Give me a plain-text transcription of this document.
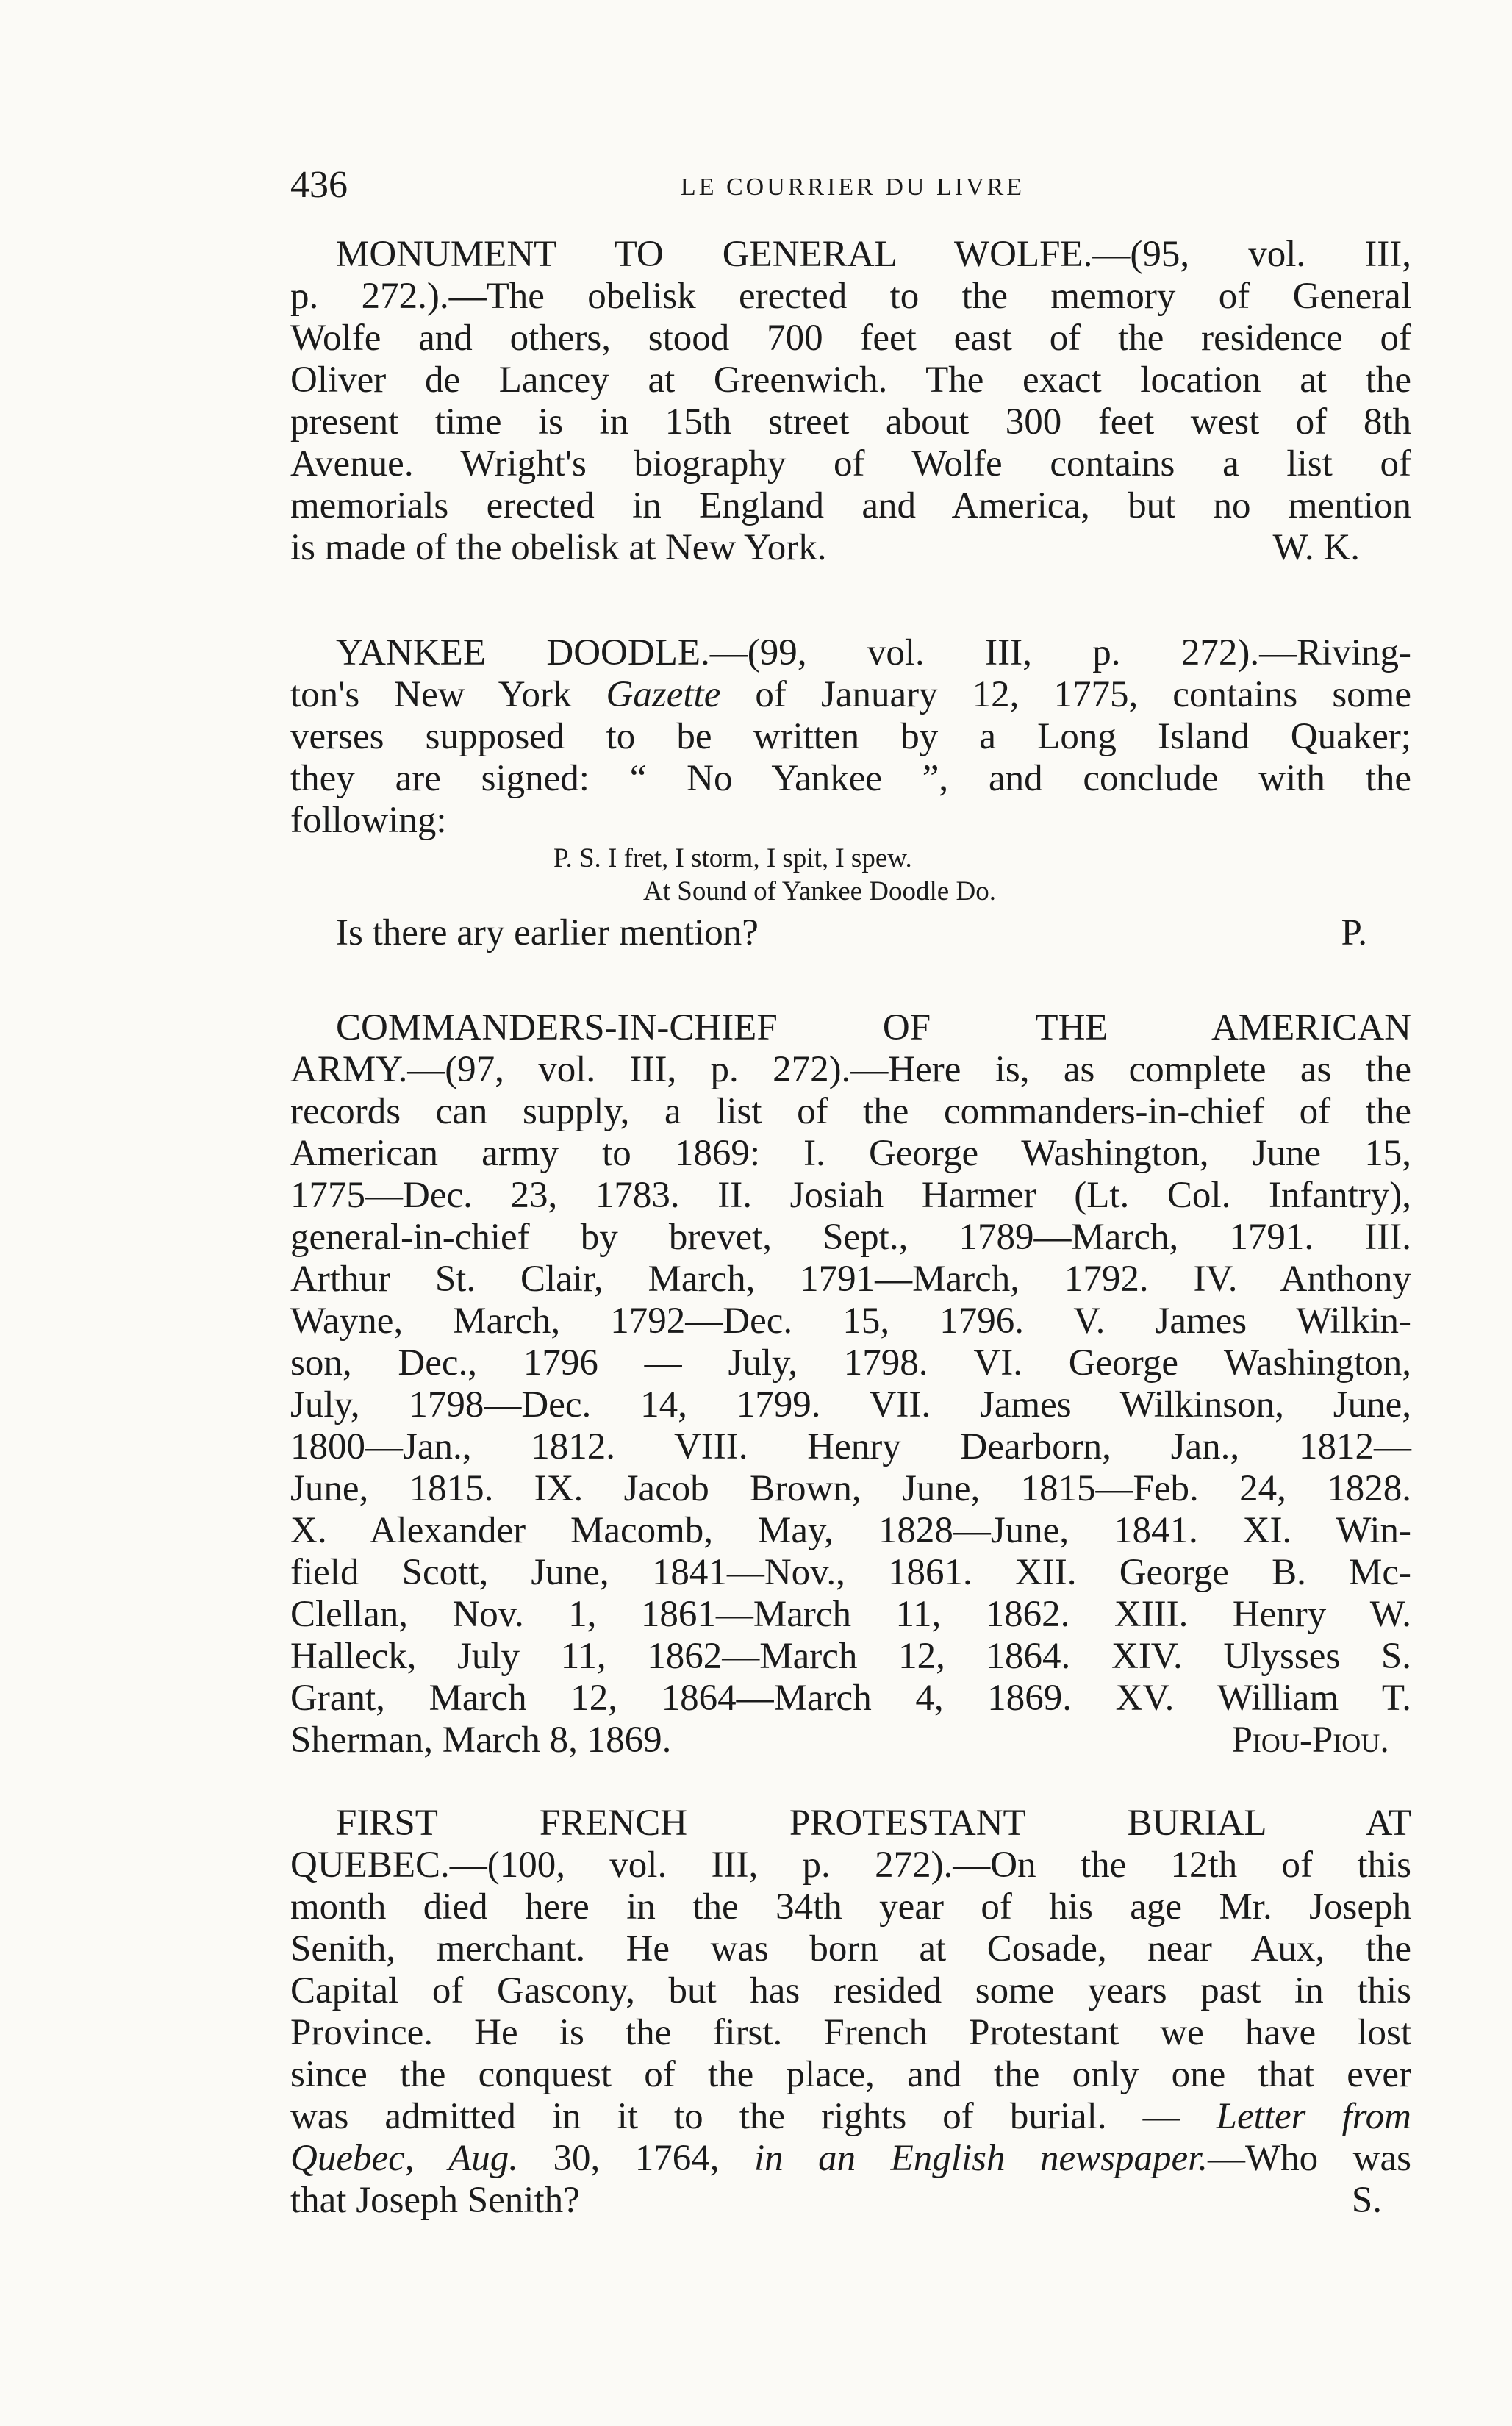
436	LE COURRIER DU LIVRE
MONUMENT TO GENERAL WOLFE.—(95, vol. III,
p. 272.).—The obelisk erected to the memory of General
Wolfe and others, stood 700 feet east of the residence of
Oliver de Lancey at Greenwich. The exact location at the
present time is in 15th street about 300 feet west of 8th
Avenue. Wright's biography of Wolfe contains a list of
memorials erected in England and America, but no mention
is made of the obelisk at New York.	W. K.
YANKEE DOODLE.—(99, vol. III, p. 272).—Riving-
ton's New York Gazette of January 12, 1775, contains some
verses supposed to be written by a Long Island Quaker;
they are signed: “ No Yankee ”, and conclude with the
following:
P. S. I fret, I storm, I spit, I spew.
At Sound of Yankee Doodle Do.
Is there ary earlier mention?	P.
COMMANDERS-IN-CHIEF OF THE AMERICAN
ARMY.—(97, vol. III, p. 272).—Here is, as complete as the
records can supply, a list of the commanders-in-chief of the
American army to 1869: I. George Washington, June 15,
1775—Dec. 23, 1783. II. Josiah Harmer (Lt. Col. Infantry),
general-in-chief by brevet, Sept., 1789—March, 1791. III.
Arthur St. Clair, March, 1791—March, 1792. IV. Anthony
Wayne, March, 1792—Dec. 15, 1796. V. James Wilkin-
son, Dec., 1796 — July, 1798. VI. George Washington,
July, 1798—Dec. 14, 1799. VII. James Wilkinson, June,
1800—Jan., 1812. VIII. Henry Dearborn, Jan., 1812—
June, 1815. IX. Jacob Brown, June, 1815—Feb. 24, 1828.
X. Alexander Macomb, May, 1828—June, 1841. XI. Win-
field Scott, June, 1841—Nov., 1861. XII. George B. Mc-
Clellan, Nov. 1, 1861—March 11, 1862. XIII. Henry W.
Halleck, July 11, 1862—March 12, 1864. XIV. Ulysses S.
Grant, March 12, 1864—March 4, 1869. XV. William T.
Sherman, March 8, 1869.	Piou-Piou.
FIRST FRENCH PROTESTANT BURIAL AT
QUEBEC.—(100, vol. III, p. 272).—On the 12th of this
month died here in the 34th year of his age Mr. Joseph
Senith, merchant. He was born at Cosade, near Aux, the
Capital of Gascony, but has resided some years past in this
Province. He is the first. French Protestant we have lost
since the conquest of the place, and the only one that ever
was admitted in it to the rights of burial. — Letter from
Quebec, Aug. 30, 1764, in an English newspaper.—Who was
that Joseph Senith?	S.
